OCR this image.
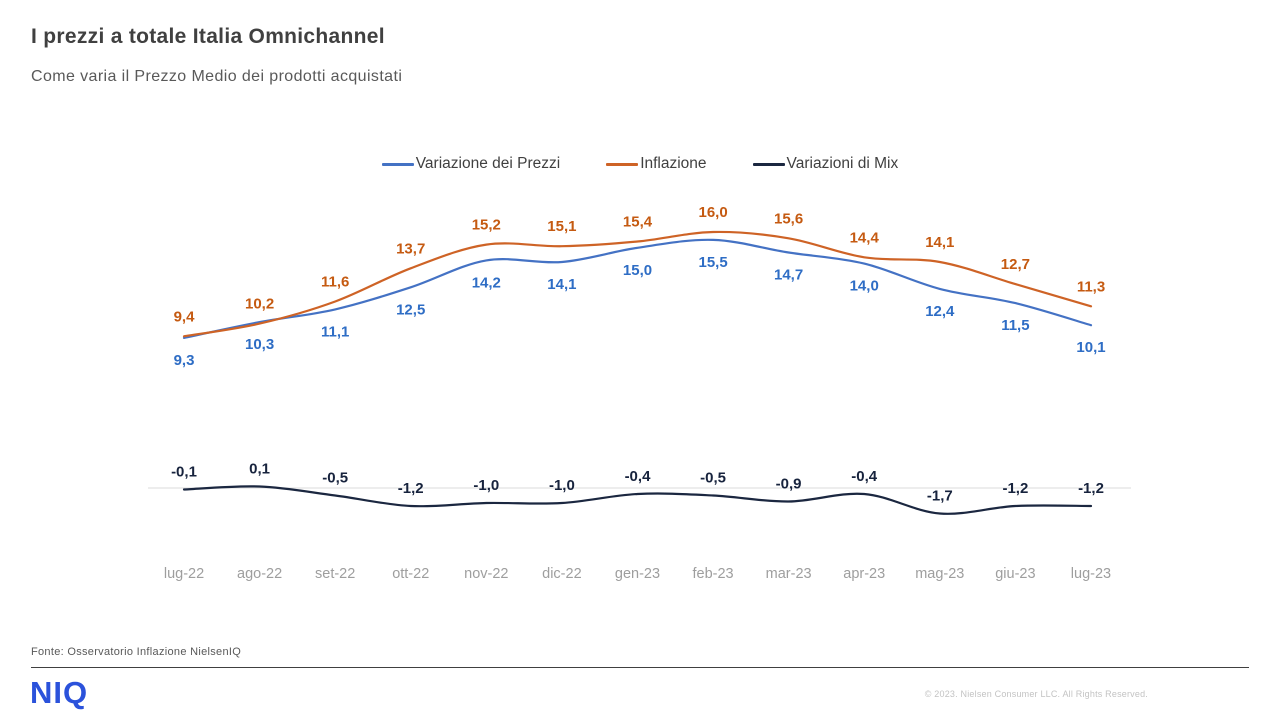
I prezzi a totale Italia Omnichannel
Come varia il Prezzo Medio dei prodotti acquistati
Variazione dei Prezzi	Inflazione	Variazioni di Mix
9,3
10,3
11,1
12,5
14,2	14,1
15,0	15,5
14,7
14,0
12,4
11,5
10,1
9,4
10,2
11,6
13,7
15,2	15,1	15,4
16,0	15,6
14,4	14,1
12,7
11,3
-0,1	0,1
-0,5
-1,2	-1,0	-1,0
-0,4	-0,5	-0,9	-0,4
-1,7	-1,2	-1,2
lug-22 ago-22 set-22	ott-22 nov-22 dic-22 gen-23 feb-23 mar-23 apr-23 mag-23 giu-23 lug-23
Fonte: Osservatorio Inflazione NielsenIQ
NIQ	© 2023. Nielsen Consumer LLC. All Rights Reserved.
